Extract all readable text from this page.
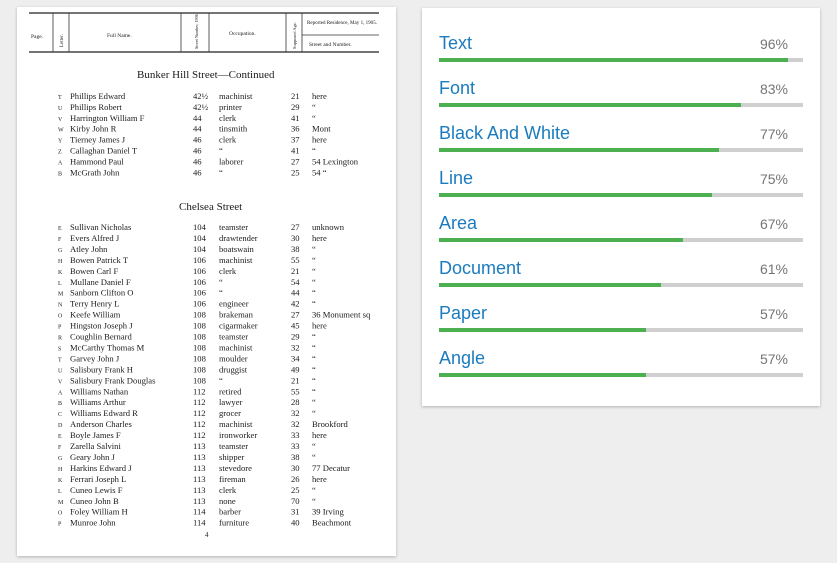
Page.	Letter.	Full Name.	Street Number, 1906	Occupation.	Supposed Age. Reported Residence, May 1, 1905.
Street and Number.
Bunker Hill Street—Continued
T Phillips Edward	42½ machinist	21 here
U Phillips Robert	42½ printer	29 “
V Harrington William F	44 clerk	41 “
W Kirby John R	44 tinsmith	36 Mont
Y Tierney James J	46 clerk	37 here
Z Callaghan Daniel T	46 “	41 “
A Hammond Paul	46 laborer	27 54 Lexington
B McGrath John	46 “	25 54 “
Chelsea Street
E Sullivan Nicholas	104 teamster	27 unknown
F Evers Alfred J	104 drawtender	30 here
G Atley John	104 boatswain	38 “
H Bowen Patrick T	106 machinist	55 “
K Bowen Carl F	106 clerk	21 “
L Mullane Daniel F	106 “	54 “
M Sanborn Clifton O	106 “	44 “
N Terry Henry L	106 engineer	42 “
O Keefe William	108 brakeman	27 36 Monument sq
P Hingston Joseph J	108 cigarmaker	45 here
R Coughlin Bernard	108 teamster	29 “
S McCarthy Thomas M	108 machinist	32 “
T Garvey John J	108 moulder	34 “
U Salisbury Frank H	108 druggist	49 “
V Salisbury Frank Douglas	108 “	21 “
A Williams Nathan	112 retired	55 “
B Williams Arthur	112 lawyer	28 “
C Williams Edward R	112 grocer	32 “
D Anderson Charles	112 machinist	32 Brookford
E Boyle James F	112 ironworker	33 here
F Zarella Salvini	113 teamster	33 “
G Geary John J	113 shipper	38 “
H Harkins Edward J	113 stevedore	30 77 Decatur
K Ferrari Joseph L	113 fireman	26 here
L Cuneo Lewis F	113 clerk	25 “
M Cuneo John B	113 none	70 “
O Foley William H	114 barber	31 39 Irving
P Munroe John	114 furniture	40 Beachmont
4
Text	96%
Font	83%
Black And White	77%
Line	75%
Area	67%
Document	61%
Paper	57%
Angle	57%
